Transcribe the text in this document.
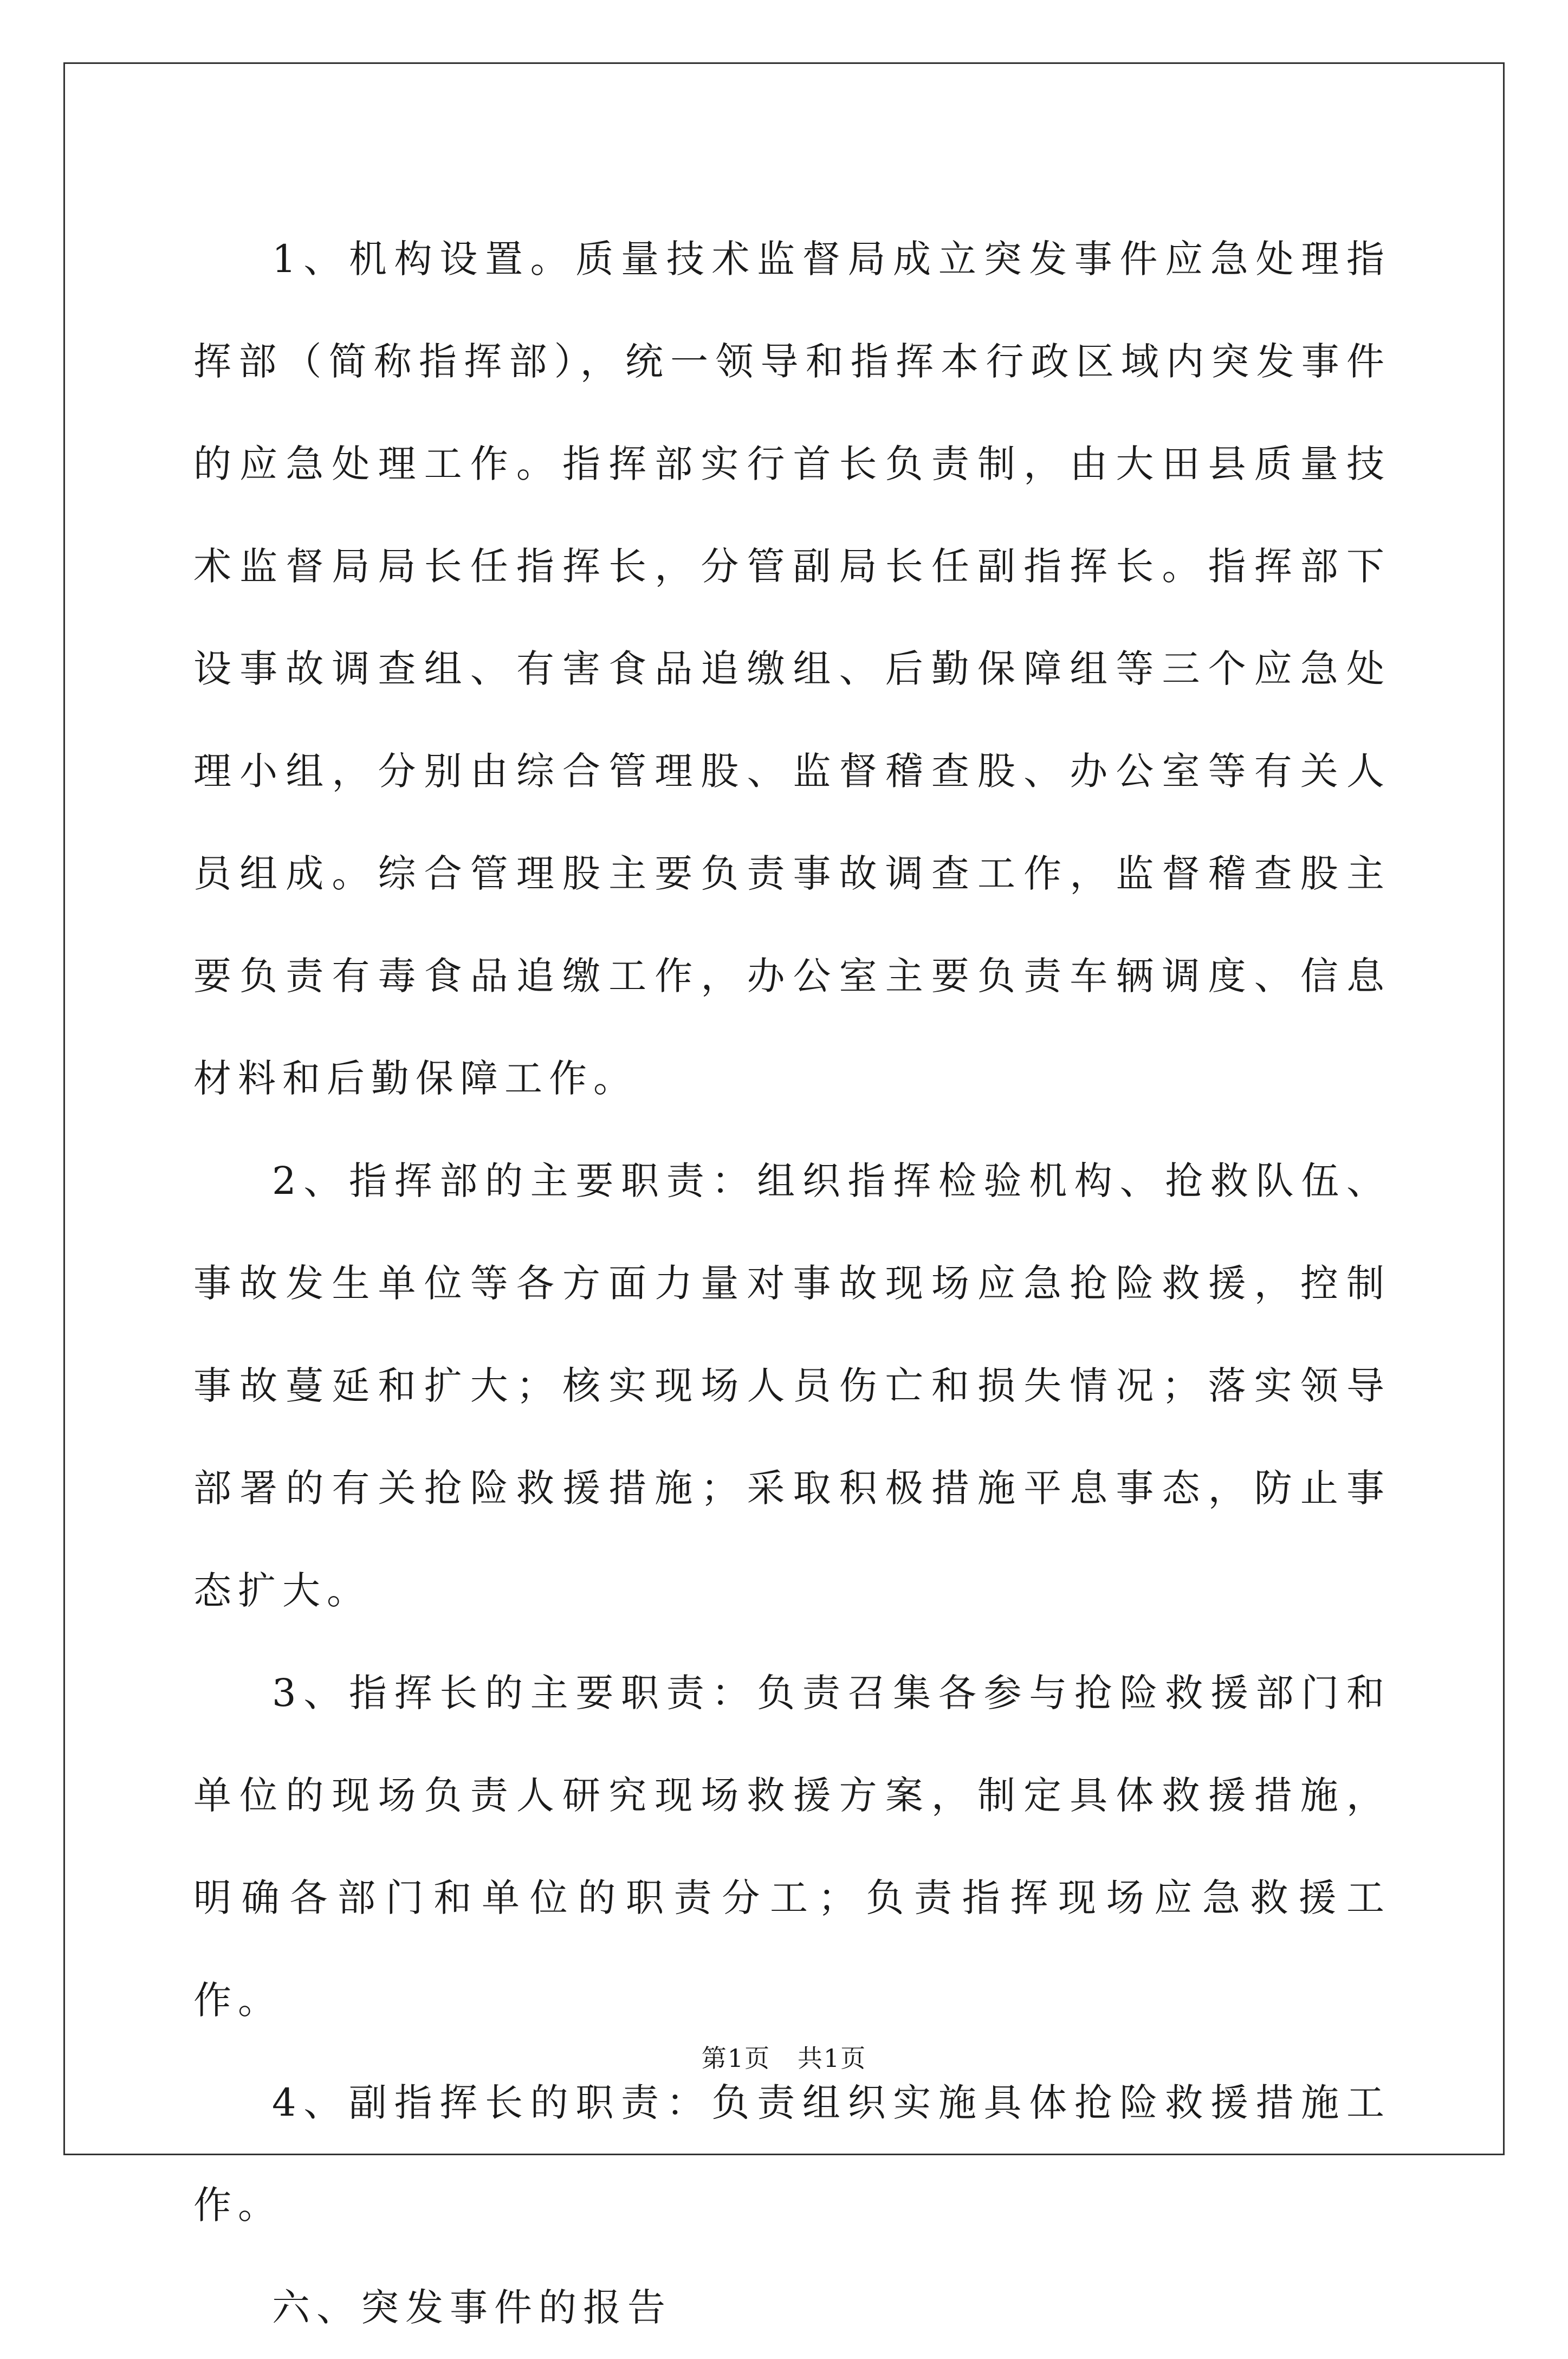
1、机构设置。质量技术监督局成立突发事件应急处理指挥部（简称指挥部），统一领导和指挥本行政区域内突发事件的应急处理工作。指挥部实行首长负责制，由大田县质量技术监督局局长任指挥长，分管副局长任副指挥长。指挥部下设事故调查组、有害食品追缴组、后勤保障组等三个应急处理小组，分别由综合管理股、监督稽查股、办公室等有关人员组成。综合管理股主要负责事故调查工作，监督稽查股主要负责有毒食品追缴工作，办公室主要负责车辆调度、信息材料和后勤保障工作。

2、指挥部的主要职责：组织指挥检验机构、抢救队伍、事故发生单位等各方面力量对事故现场应急抢险救援，控制事故蔓延和扩大；核实现场人员伤亡和损失情况；落实领导部署的有关抢险救援措施；采取积极措施平息事态，防止事态扩大。

3、指挥长的主要职责：负责召集各参与抢险救援部门和单位的现场负责人研究现场救援方案，制定具体救援措施，明确各部门和单位的职责分工；负责指挥现场应急救援工作。

4、副指挥长的职责：负责组织实施具体抢险救援措施工作。

六、突发事件的报告

第1页   共1页
